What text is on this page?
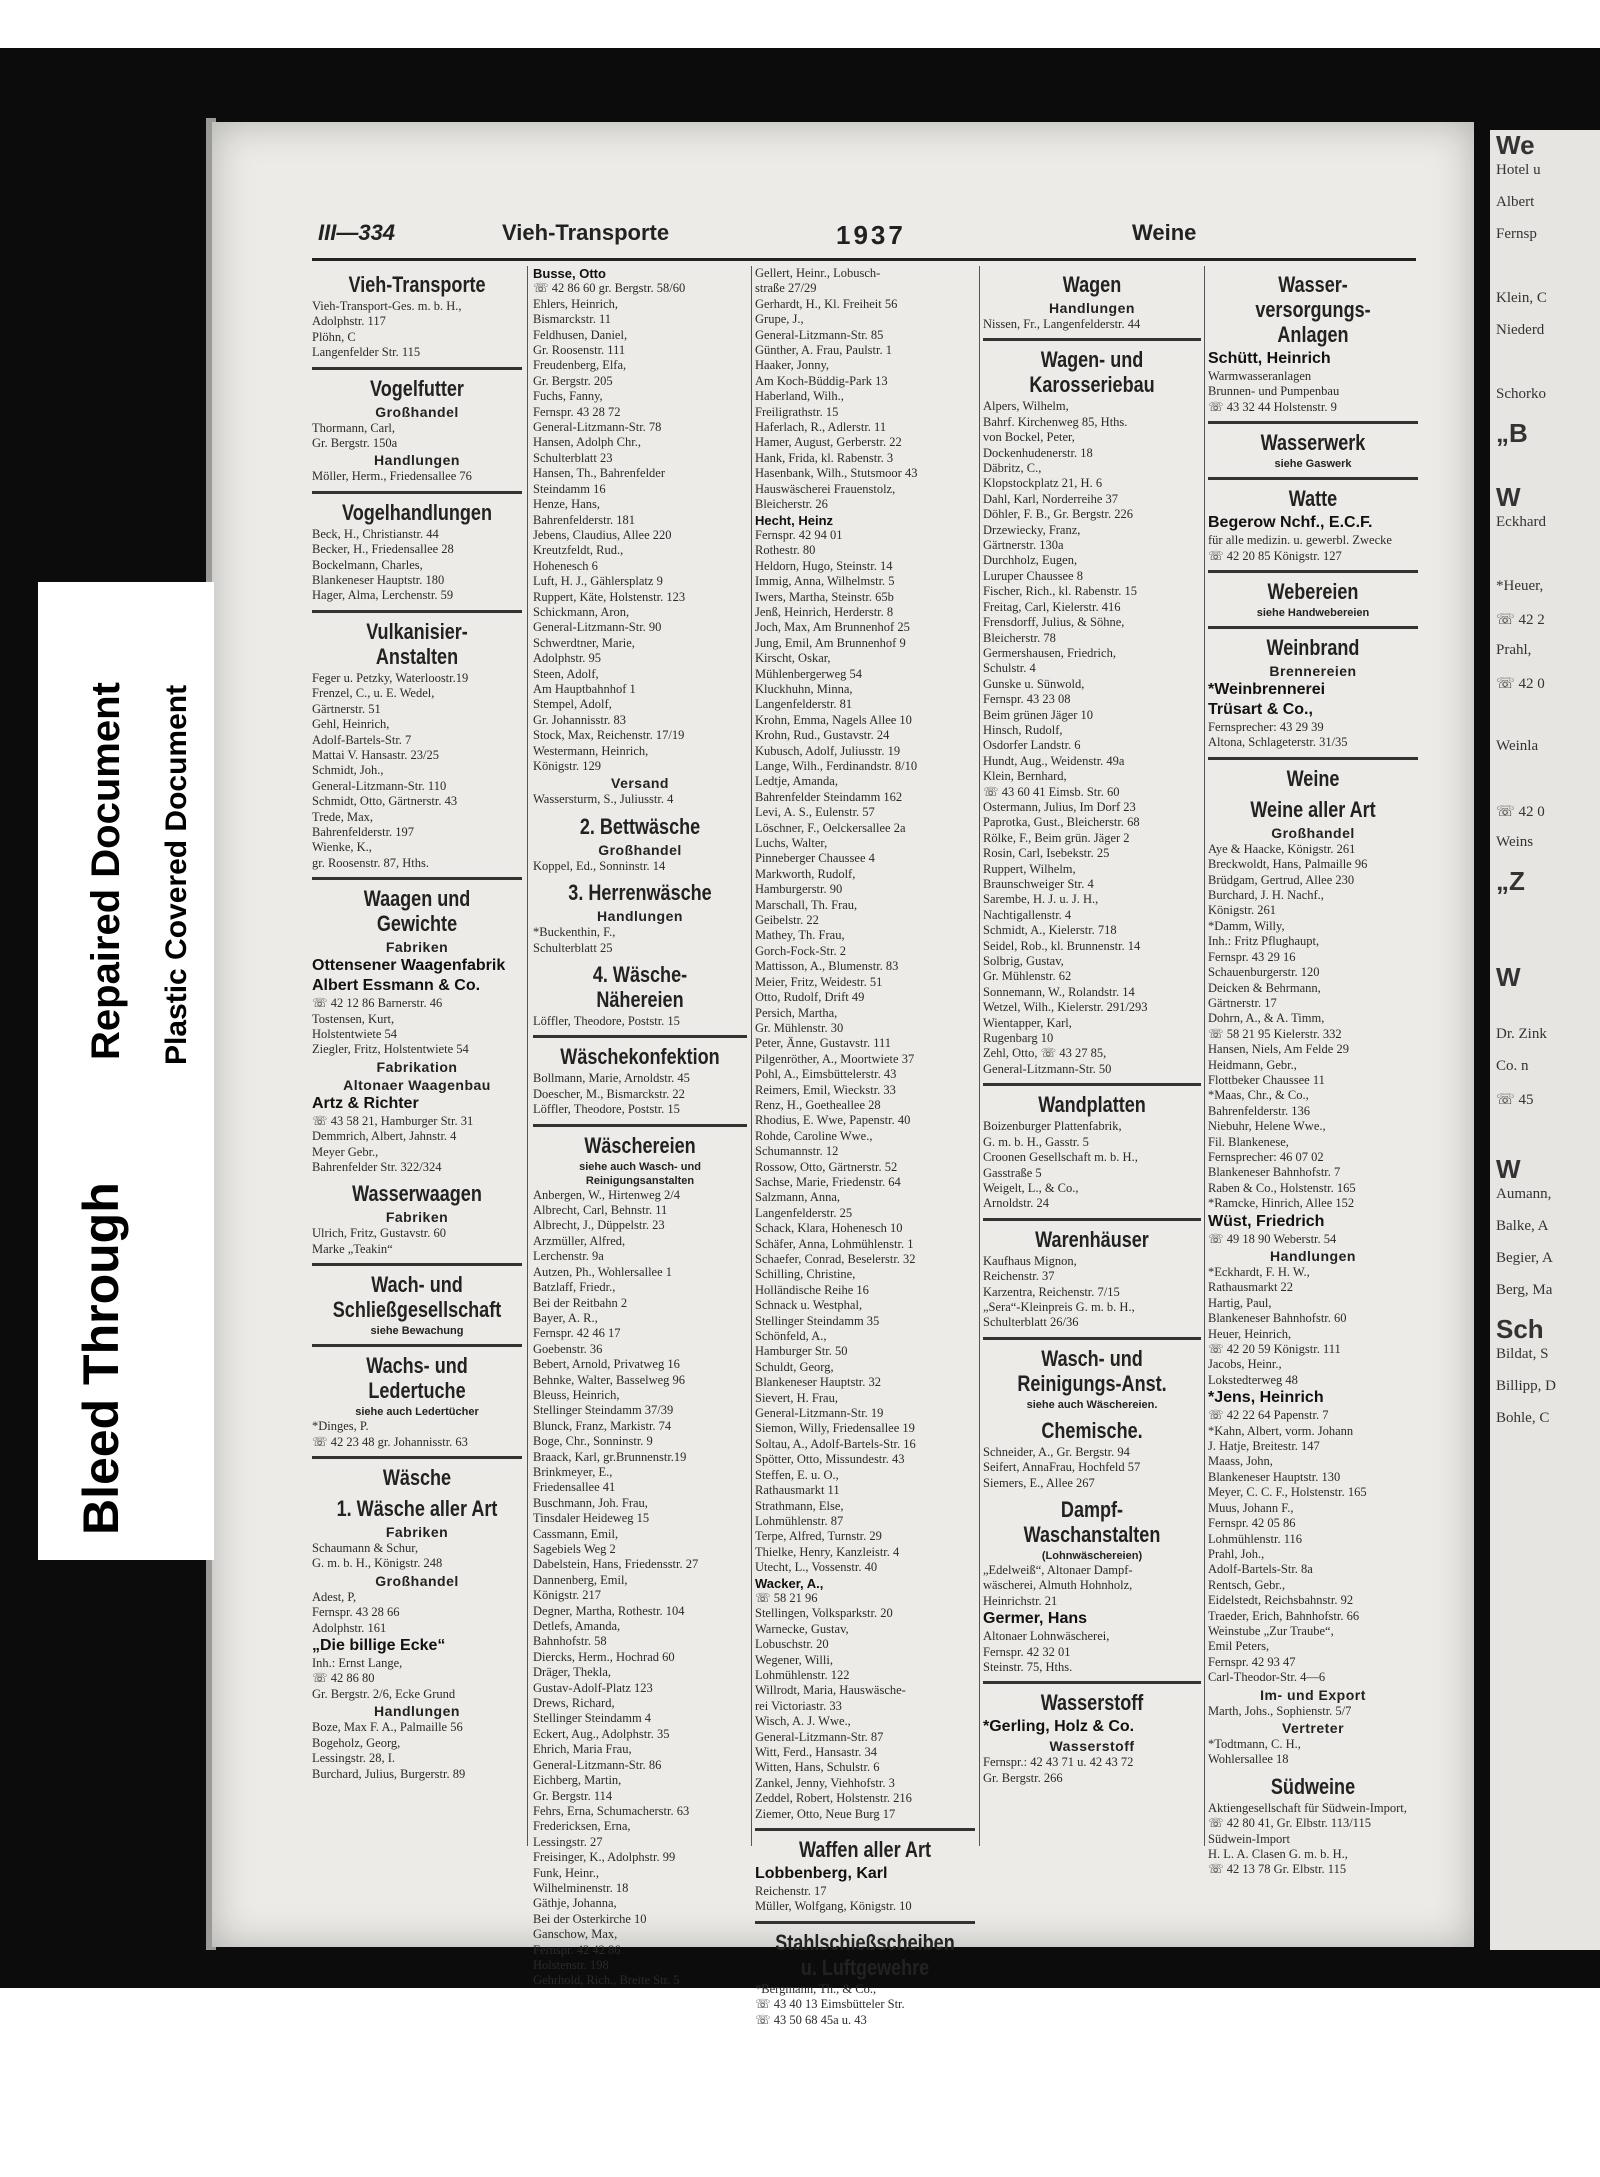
We
Hotel u
Albert
Fernsp
Klein, C
Niederd
Schorko
„B
W
Eckhard
*Heuer,
☏ 42 2
Prahl,
☏ 42 0
Weinla
☏ 42 0
Weins
„Z
W
Dr. Zink
Co. n
☏ 45
W
Aumann,
Balke, A
Begier, A
Berg, Ma
Sch
Bildat, S
Billipp, D
Bohle, C
Bleed Through
Repaired Document Plastic Covered Document
III—334	Vieh-Transporte	1937	Weine
Vieh-Transporte
Vieh-Transport-Ges. m. b. H.,
Adolphstr. 117
Plöhn, C
Langenfelder Str. 115
Vogelfutter
Großhandel
Thormann, Carl,
Gr. Bergstr. 150a
Handlungen
Möller, Herm., Friedensallee 76
Vogelhandlungen
Beck, H., Christianstr. 44
Becker, H., Friedensallee 28
Bockelmann, Charles,
Blankeneser Hauptstr. 180
Hager, Alma, Lerchenstr. 59
Vulkanisier-Anstalten
Feger u. Petzky, Waterloostr.19
Frenzel, C., u. E. Wedel,
Gärtnerstr. 51
Gehl, Heinrich,
Adolf-Bartels-Str. 7
Mattai V. Hansastr. 23/25
Schmidt, Joh.,
General-Litzmann-Str. 110
Schmidt, Otto, Gärtnerstr. 43
Trede, Max,
Bahrenfelderstr. 197
Wienke, K.,
gr. Roosenstr. 87, Hths.
Waagen und Gewichte
Fabriken
Ottensener Waagenfabrik
Albert Essmann & Co.
☏ 42 12 86 Barnerstr. 46
Tostensen, Kurt,
Holstentwiete 54
Ziegler, Fritz, Holstentwiete 54
Fabrikation
Altonaer Waagenbau
Artz & Richter
☏ 43 58 21, Hamburger Str. 31
Demmrich, Albert, Jahnstr. 4
Meyer Gebr.,
Bahrenfelder Str. 322/324
Wasserwaagen
Fabriken
Ulrich, Fritz, Gustavstr. 60
Marke „Teakin“
Wach- und Schließgesellschaft
siehe Bewachung
Wachs- und Ledertuche
siehe auch Ledertücher
*Dinges, P.
☏ 42 23 48 gr. Johannisstr. 63
Wäsche
1. Wäsche aller Art
Fabriken
Schaumann & Schur,
G. m. b. H., Königstr. 248
Großhandel
Adest, P,
Fernspr. 43 28 66
Adolphstr. 161
„Die billige Ecke“
Inh.: Ernst Lange,
☏ 42 86 80
Gr. Bergstr. 2/6, Ecke Grund
Handlungen
Boze, Max F. A., Palmaille 56
Bogeholz, Georg,
Lessingstr. 28, I.
Burchard, Julius, Burgerstr. 89
Busse, Otto
☏ 42 86 60 gr. Bergstr. 58/60
Ehlers, Heinrich,
Bismarckstr. 11
Feldhusen, Daniel,
Gr. Roosenstr. 111
Freudenberg, Elfa,
Gr. Bergstr. 205
Fuchs, Fanny,
Fernspr. 43 28 72
General-Litzmann-Str. 78
Hansen, Adolph Chr.,
Schulterblatt 23
Hansen, Th., Bahrenfelder
Steindamm 16
Henze, Hans,
Bahrenfelderstr. 181
Jebens, Claudius, Allee 220
Kreutzfeldt, Rud.,
Hohenesch 6
Luft, H. J., Gählersplatz 9
Ruppert, Käte, Holstenstr. 123
Schickmann, Aron,
General-Litzmann-Str. 90
Schwerdtner, Marie,
Adolphstr. 95
Steen, Adolf,
Am Hauptbahnhof 1
Stempel, Adolf,
Gr. Johannisstr. 83
Stock, Max, Reichenstr. 17/19
Westermann, Heinrich,
Königstr. 129
Versand
Wassersturm, S., Juliusstr. 4
2. Bettwäsche
Großhandel
Koppel, Ed., Sonninstr. 14
3. Herrenwäsche
Handlungen
*Buckenthin, F.,
Schulterblatt 25
4. Wäsche-Nähereien
Löffler, Theodore, Poststr. 15
Wäschekonfektion
Bollmann, Marie, Arnoldstr. 45
Doescher, M., Bismarckstr. 22
Löffler, Theodore, Poststr. 15
Wäschereien
siehe auch Wasch- und Reinigungsanstalten
Anbergen, W., Hirtenweg 2/4
Albrecht, Carl, Behnstr. 11
Albrecht, J., Düppelstr. 23
Arzmüller, Alfred,
Lerchenstr. 9a
Autzen, Ph., Wohlersallee 1
Batzlaff, Friedr.,
Bei der Reitbahn 2
Bayer, A. R.,
Fernspr. 42 46 17
Goebenstr. 36
Bebert, Arnold, Privatweg 16
Behnke, Walter, Basselweg 96
Bleuss, Heinrich,
Stellinger Steindamm 37/39
Blunck, Franz, Markistr. 74
Boge, Chr., Sonninstr. 9
Braack, Karl, gr.Brunnenstr.19
Brinkmeyer, E.,
Friedensallee 41
Buschmann, Joh. Frau,
Tinsdaler Heideweg 15
Cassmann, Emil,
Sagebiels Weg 2
Dabelstein, Hans, Friedensstr. 27
Dannenberg, Emil,
Königstr. 217
Degner, Martha, Rothestr. 104
Detlefs, Amanda,
Bahnhofstr. 58
Diercks, Herm., Hochrad 60
Dräger, Thekla,
Gustav-Adolf-Platz 123
Drews, Richard,
Stellinger Steindamm 4
Eckert, Aug., Adolphstr. 35
Ehrich, Maria Frau,
General-Litzmann-Str. 86
Eichberg, Martin,
Gr. Bergstr. 114
Fehrs, Erna, Schumacherstr. 63
Fredericksen, Erna,
Lessingstr. 27
Freisinger, K., Adolphstr. 99
Funk, Heinr.,
Wilhelminenstr. 18
Gäthje, Johanna,
Bei der Osterkirche 10
Ganschow, Max,
Fernspr. 42 42 86
Holstenstr. 198
Gehrhold, Rich., Breite Str. 5
Gellert, Heinr., Lobusch-
straße 27/29
Gerhardt, H., Kl. Freiheit 56
Grupe, J.,
General-Litzmann-Str. 85
Günther, A. Frau, Paulstr. 1
Haaker, Jonny,
Am Koch-Büddig-Park 13
Haberland, Wilh.,
Freiligrathstr. 15
Haferlach, R., Adlerstr. 11
Hamer, August, Gerberstr. 22
Hank, Frida, kl. Rabenstr. 3
Hasenbank, Wilh., Stutsmoor 43
Hauswäscherei Frauenstolz,
Bleicherstr. 26
Hecht, Heinz
Fernspr. 42 94 01
Rothestr. 80
Heldorn, Hugo, Steinstr. 14
Immig, Anna, Wilhelmstr. 5
Iwers, Martha, Steinstr. 65b
Jenß, Heinrich, Herderstr. 8
Joch, Max, Am Brunnenhof 25
Jung, Emil, Am Brunnenhof 9
Kirscht, Oskar,
Mühlenbergerweg 54
Kluckhuhn, Minna,
Langenfelderstr. 81
Krohn, Emma, Nagels Allee 10
Krohn, Rud., Gustavstr. 24
Kubusch, Adolf, Juliusstr. 19
Lange, Wilh., Ferdinandstr. 8/10
Ledtje, Amanda,
Bahrenfelder Steindamm 162
Levi, A. S., Eulenstr. 57
Löschner, F., Oelckersallee 2a
Luchs, Walter,
Pinneberger Chaussee 4
Markworth, Rudolf,
Hamburgerstr. 90
Marschall, Th. Frau,
Geibelstr. 22
Mathey, Th. Frau,
Gorch-Fock-Str. 2
Mattisson, A., Blumenstr. 83
Meier, Fritz, Weidestr. 51
Otto, Rudolf, Drift 49
Persich, Martha,
Gr. Mühlenstr. 30
Peter, Änne, Gustavstr. 111
Pilgenröther, A., Moortwiete 37
Pohl, A., Eimsbüttelerstr. 43
Reimers, Emil, Wieckstr. 33
Renz, H., Goetheallee 28
Rhodius, E. Wwe, Papenstr. 40
Rohde, Caroline Wwe.,
Schumannstr. 12
Rossow, Otto, Gärtnerstr. 52
Sachse, Marie, Friedenstr. 64
Salzmann, Anna,
Langenfelderstr. 25
Schack, Klara, Hohenesch 10
Schäfer, Anna, Lohmühlenstr. 1
Schaefer, Conrad, Beselerstr. 32
Schilling, Christine,
Holländische Reihe 16
Schnack u. Westphal,
Stellinger Steindamm 35
Schönfeld, A.,
Hamburger Str. 50
Schuldt, Georg,
Blankeneser Hauptstr. 32
Sievert, H. Frau,
General-Litzmann-Str. 19
Siemon, Willy, Friedensallee 19
Soltau, A., Adolf-Bartels-Str. 16
Spötter, Otto, Missundestr. 43
Steffen, E. u. O.,
Rathausmarkt 11
Strathmann, Else,
Lohmühlenstr. 87
Terpe, Alfred, Turnstr. 29
Thielke, Henry, Kanzleistr. 4
Utecht, L., Vossenstr. 40
Wacker, A.,
☏ 58 21 96
Stellingen, Volksparkstr. 20
Warnecke, Gustav,
Lobuschstr. 20
Wegener, Willi,
Lohmühlenstr. 122
Willrodt, Maria, Hauswäsche-
rei Victoriastr. 33
Wisch, A. J. Wwe.,
General-Litzmann-Str. 87
Witt, Ferd., Hansastr. 34
Witten, Hans, Schulstr. 6
Zankel, Jenny, Viehhofstr. 3
Zeddel, Robert, Holstenstr. 216
Ziemer, Otto, Neue Burg 17
Waffen aller Art
Lobbenberg, Karl
Reichenstr. 17
Müller, Wolfgang, Königstr. 10
Stahlschießscheiben u. Luftgewehre
*Bergmann, Th., & Co.,
☏ 43 40 13 Eimsbütteler Str.
☏ 43 50 68 45a u. 43
Wagen
Handlungen
Nissen, Fr., Langenfelderstr. 44
Wagen- und Karosseriebau
Alpers, Wilhelm,
Bahrf. Kirchenweg 85, Hths.
von Bockel, Peter,
Dockenhudenerstr. 18
Däbritz, C.,
Klopstockplatz 21, H. 6
Dahl, Karl, Norderreihe 37
Döhler, F. B., Gr. Bergstr. 226
Drzewiecky, Franz,
Gärtnerstr. 130a
Durchholz, Eugen,
Luruper Chaussee 8
Fischer, Rich., kl. Rabenstr. 15
Freitag, Carl, Kielerstr. 416
Frensdorff, Julius, & Söhne,
Bleicherstr. 78
Germershausen, Friedrich,
Schulstr. 4
Gunske u. Sünwold,
Fernspr. 43 23 08
Beim grünen Jäger 10
Hinsch, Rudolf,
Osdorfer Landstr. 6
Hundt, Aug., Weidenstr. 49a
Klein, Bernhard,
☏ 43 60 41 Eimsb. Str. 60
Ostermann, Julius, Im Dorf 23
Paprotka, Gust., Bleicherstr. 68
Rölke, F., Beim grün. Jäger 2
Rosin, Carl, Isebekstr. 25
Ruppert, Wilhelm,
Braunschweiger Str. 4
Sarembe, H. J. u. J. H.,
Nachtigallenstr. 4
Schmidt, A., Kielerstr. 718
Seidel, Rob., kl. Brunnenstr. 14
Solbrig, Gustav,
Gr. Mühlenstr. 62
Sonnemann, W., Rolandstr. 14
Wetzel, Wilh., Kielerstr. 291/293
Wientapper, Karl,
Rugenbarg 10
Zehl, Otto, ☏ 43 27 85,
General-Litzmann-Str. 50
Wandplatten
Boizenburger Plattenfabrik,
G. m. b. H., Gasstr. 5
Croonen Gesellschaft m. b. H.,
Gasstraße 5
Weigelt, L., & Co.,
Arnoldstr. 24
Warenhäuser
Kaufhaus Mignon,
Reichenstr. 37
Karzentra, Reichenstr. 7/15
„Sera“-Kleinpreis G. m. b. H.,
Schulterblatt 26/36
Wasch- und Reinigungs-Anst.
siehe auch Wäschereien.
Chemische.
Schneider, A., Gr. Bergstr. 94
Seifert, AnnaFrau, Hochfeld 57
Siemers, E., Allee 267
Dampf-Waschanstalten
(Lohnwäschereien)
„Edelweiß“, Altonaer Dampf-
wäscherei, Almuth Hohnholz,
Heinrichstr. 21
Germer, Hans
Altonaer Lohnwäscherei,
Fernspr. 42 32 01
Steinstr. 75, Hths.
Wasserstoff
*Gerling, Holz & Co.
Wasserstoff
Fernspr.: 42 43 71 u. 42 43 72
Gr. Bergstr. 266
Wasser-versorgungs-Anlagen
Schütt, Heinrich
Warmwasseranlagen
Brunnen- und Pumpenbau
☏ 43 32 44 Holstenstr. 9
Wasserwerk
siehe Gaswerk
Watte
Begerow Nchf., E.C.F.
für alle medizin. u. gewerbl. Zwecke
☏ 42 20 85 Königstr. 127
Webereien
siehe Handwebereien
Weinbrand
Brennereien
*Weinbrennerei
Trüsart & Co.,
Fernsprecher: 43 29 39
Altona, Schlageterstr. 31/35
Weine
Weine aller Art
Großhandel
Aye & Haacke, Königstr. 261
Breckwoldt, Hans, Palmaille 96
Brüdgam, Gertrud, Allee 230
Burchard, J. H. Nachf.,
Königstr. 261
*Damm, Willy,
Inh.: Fritz Pflughaupt,
Fernspr. 43 29 16
Schauenburgerstr. 120
Deicken & Behrmann,
Gärtnerstr. 17
Dohrn, A., & A. Timm,
☏ 58 21 95 Kielerstr. 332
Hansen, Niels, Am Felde 29
Heidmann, Gebr.,
Flottbeker Chaussee 11
*Maas, Chr., & Co.,
Bahrenfelderstr. 136
Niebuhr, Helene Wwe.,
Fil. Blankenese,
Fernsprecher: 46 07 02
Blankeneser Bahnhofstr. 7
Raben & Co., Holstenstr. 165
*Ramcke, Hinrich, Allee 152
Wüst, Friedrich
☏ 49 18 90 Weberstr. 54
Handlungen
*Eckhardt, F. H. W.,
Rathausmarkt 22
Hartig, Paul,
Blankeneser Bahnhofstr. 60
Heuer, Heinrich,
☏ 42 20 59 Königstr. 111
Jacobs, Heinr.,
Lokstedterweg 48
*Jens, Heinrich
☏ 42 22 64 Papenstr. 7
*Kahn, Albert, vorm. Johann
J. Hatje, Breitestr. 147
Maass, John,
Blankeneser Hauptstr. 130
Meyer, C. C. F., Holstenstr. 165
Muus, Johann F.,
Fernspr. 42 05 86
Lohmühlenstr. 116
Prahl, Joh.,
Adolf-Bartels-Str. 8a
Rentsch, Gebr.,
Eidelstedt, Reichsbahnstr. 92
Traeder, Erich, Bahnhofstr. 66
Weinstube „Zur Traube“,
Emil Peters,
Fernspr. 42 93 47
Carl-Theodor-Str. 4—6
Im- und Export
Marth, Johs., Sophienstr. 5/7
Vertreter
*Todtmann, C. H.,
Wohlersallee 18
Südweine
Aktiengesellschaft für Südwein-Import,
☏ 42 80 41, Gr. Elbstr. 113/115
Südwein-Import
H. L. A. Clasen G. m. b. H.,
☏ 42 13 78 Gr. Elbstr. 115
